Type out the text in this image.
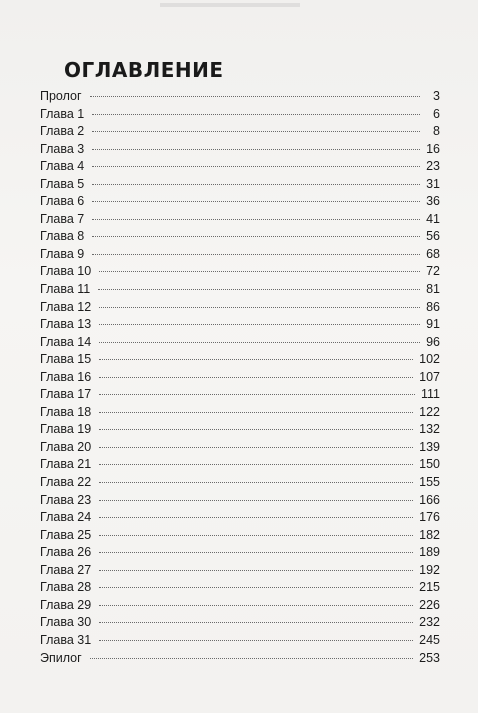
ОГЛАВЛЕНИЕ
Пролог	3
Глава 1	6
Глава 2	8
Глава 3	16
Глава 4	23
Глава 5	31
Глава 6	36
Глава 7	41
Глава 8	56
Глава 9	68
Глава 10	72
Глава 11	81
Глава 12	86
Глава 13	91
Глава 14	96
Глава 15	102
Глава 16	107
Глава 17	111
Глава 18	122
Глава 19	132
Глава 20	139
Глава 21	150
Глава 22	155
Глава 23	166
Глава 24	176
Глава 25	182
Глава 26	189
Глава 27	192
Глава 28	215
Глава 29	226
Глава 30	232
Глава 31	245
Эпилог	253
